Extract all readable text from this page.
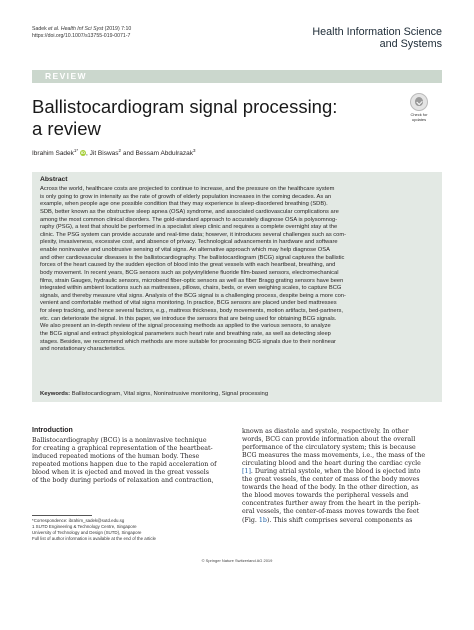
Sadek et al. Health Inf Sci Syst (2019) 7:10
https://doi.org/10.1007/s13755-019-0071-7	Health Information Science
and Systems
REVIEW
Ballistocardiogram signal processing:
a review
Check for
updates
Ibrahim Sadek$^{1*}$ iD, Jit Biswas$^2$ and Bessam Abdulrazak$^3$
Abstract
Across the world, healthcare costs are projected to continue to increase, and the pressure on the healthcare system
is only going to grow in intensity as the rate of growth of elderly population increases in the coming decades. As an
example, when people age one possible condition that they may experience is sleep-disordered breathing (SDB).
SDB, better known as the obstructive sleep apnea (OSA) syndrome, and associated cardiovascular complications are
among the most common clinical disorders. The gold-standard approach to accurately diagnose OSA is polysomnog-
raphy (PSG), a test that should be performed in a specialist sleep clinic and requires a complete overnight stay at the
clinic. The PSG system can provide accurate and real-time data; however, it introduces several challenges such as com-
plexity, invasiveness, excessive cost, and absence of privacy. Technological advancements in hardware and software
enable noninvasive and unobtrusive sensing of vital signs. An alternative approach which may help diagnose OSA
and other cardiovascular diseases is the ballistocardiography. The ballistocardiogram (BCG) signal captures the ballistic
forces of the heart caused by the sudden ejection of blood into the great vessels with each heartbeat, breathing, and
body movement. In recent years, BCG sensors such as polyvinylidene fluoride film-based sensors, electromechanical
films, strain Gauges, hydraulic sensors, microbend fiber-optic sensors as well as fiber Bragg grating sensors have been
integrated within ambient locations such as mattresses, pillows, chairs, beds, or even weighing scales, to capture BCG
signals, and thereby measure vital signs. Analysis of the BCG signal is a challenging process, despite being a more con-
venient and comfortable method of vital signs monitoring. In practice, BCG sensors are placed under bed mattresses
for sleep tracking, and hence several factors, e.g., mattress thickness, body movements, motion artifacts, bed-partners,
etc. can deteriorate the signal. In this paper, we introduce the sensors that are being used for obtaining BCG signals.
We also present an in-depth review of the signal processing methods as applied to the various sensors, to analyze
the BCG signal and extract physiological parameters such heart rate and breathing rate, as well as detecting sleep
stages. Besides, we recommend which methods are more suitable for processing BCG signals due to their nonlinear
and nonstationary characteristics.
Keywords: Ballistocardiogram, Vital signs, Noninstrusive monitoring, Signal processing
Introduction
Ballistocardiography (BCG) is a noninvasive technique
for creating a graphical representation of the heartbeat-
induced repeated motions of the human body. These
repeated motions happen due to the rapid acceleration of
blood when it is ejected and moved in the great vessels
of the body during periods of relaxation and contraction,
known as diastole and systole, respectively. In other
words, BCG can provide information about the overall
performance of the circulatory system; this is because
BCG measures the mass movements, i.e., the mass of the
circulating blood and the heart during the cardiac cycle
[1]. During atrial systole, when the blood is ejected into
the great vessels, the center of mass of the body moves
towards the head of the body. In the other direction, as
the blood moves towards the peripheral vessels and
concentrates further away from the heart in the periph-
eral vessels, the center-of-mass moves towards the feet
(Fig. 1b). This shift comprises several components as
*Correspondence: ibrahim_sadek@sutd.edu.sg
1 SUTD Engineering & Technology Centre, Singapore
University of Technology and Design (SUTD), Singapore
Full list of author information is available at the end of the article
© Springer Nature Switzerland AG 2019
